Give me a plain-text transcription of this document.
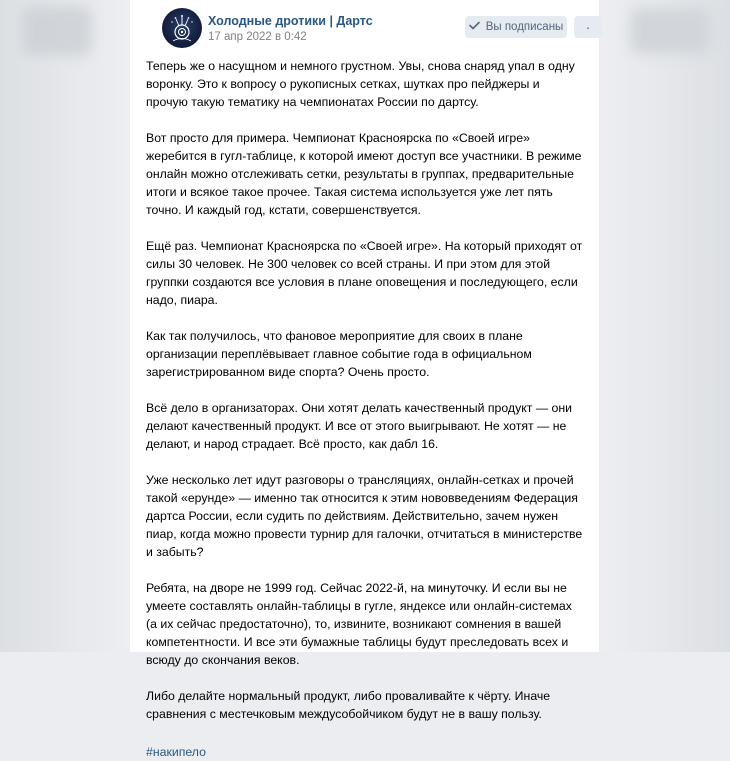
Холодные дротики | Дартс
17 апр 2022 в 0:42
Вы подписаны ·

Теперь же о насущном и немного грустном. Увы, снова снаряд упал в одну воронку. Это к вопросу о рукописных сетках, шутках про пейджеры и прочую такую тематику на чемпионатах России по дартсу.

Вот просто для примера. Чемпионат Красноярска по «Своей игре» жеребится в гугл-таблице, к которой имеют доступ все участники. В режиме онлайн можно отслеживать сетки, результаты в группах, предварительные итоги и всякое такое прочее. Такая система используется уже лет пять точно. И каждый год, кстати, совершенствуется.

Ещё раз. Чемпионат Красноярска по «Своей игре». На который приходят от силы 30 человек. Не 300 человек со всей страны. И при этом для этой группки создаются все условия в плане оповещения и последующего, если надо, пиара.

Как так получилось, что фановое мероприятие для своих в плане организации переплёвывает главное событие года в официальном зарегистрированном виде спорта? Очень просто.

Всё дело в организаторах. Они хотят делать качественный продукт — они делают качественный продукт. И все от этого выигрывают. Не хотят — не делают, и народ страдает. Всё просто, как дабл 16.

Уже несколько лет идут разговоры о трансляциях, онлайн-сетках и прочей такой «ерунде» — именно так относится к этим нововведениям Федерация дартса России, если судить по действиям. Действительно, зачем нужен пиар, когда можно провести турнир для галочки, отчитаться в министерстве и забыть?

Ребята, на дворе не 1999 год. Сейчас 2022-й, на минуточку. И если вы не умеете составлять онлайн-таблицы в гугле, яндексе или онлайн-системах (а их сейчас предостаточно), то, извините, возникают сомнения в вашей компетентности. И все эти бумажные таблицы будут преследовать всех и всюду до скончания веков.

Либо делайте нормальный продукт, либо проваливайте к чёрту. Иначе сравнения с местечковым междусобойчиком будут не в вашу пользу.

#накипело
